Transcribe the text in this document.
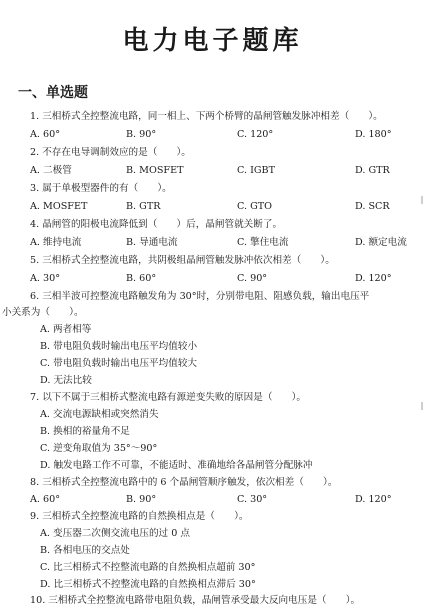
电力电子题库
一、单选题
1. 三相桥式全控整流电路，同一相上、下两个桥臂的晶闸管触发脉冲相差（　　）。
A. 60°	B. 90°	C. 120°	D. 180°
2. 不存在电导调制效应的是（　　）。
A. 二极管	B. MOSFET	C. IGBT	D. GTR
3. 属于单极型器件的有（　　）。
A. MOSFET	B. GTR	C. GTO	D. SCR
4. 晶闸管的阳极电流降低到（　　）后，晶闸管就关断了。
A. 维持电流	B. 导通电流	C. 擎住电流	D. 额定电流
5. 三相桥式全控整流电路，共阴极组晶闸管触发脉冲依次相差（　　）。
A. 30°	B. 60°	C. 90°	D. 120°
6. 三相半波可控整流电路触发角为 30°时，分别带电阻、阻感负载，输出电压平
小关系为（　　）。
A. 两者相等
B. 带电阻负载时输出电压平均值较小
C. 带电阻负载时输出电压平均值较大
D. 无法比较
7. 以下不属于三相桥式整流电路有源逆变失败的原因是（　　）。
A. 交流电源缺相或突然消失
B. 换相的裕量角不足
C. 逆变角取值为 35°～90°
D. 触发电路工作不可靠，不能适时、准确地给各晶闸管分配脉冲
8. 三相桥式全控整流电路中的 6 个晶闸管顺序触发，依次相差（　　）。
A. 60°	B. 90°	C. 30°	D. 120°
9. 三相桥式全控整流电路的自然换相点是（　　）。
A. 变压器二次侧交流电压的过 0 点
B. 各相电压的交点处
C. 比三相桥式不控整流电路的自然换相点超前 30°
D. 比三相桥式不控整流电路的自然换相点滞后 30°
10. 三相桥式全控整流电路带电阻负载，晶闸管承受最大反向电压是（　　）。
